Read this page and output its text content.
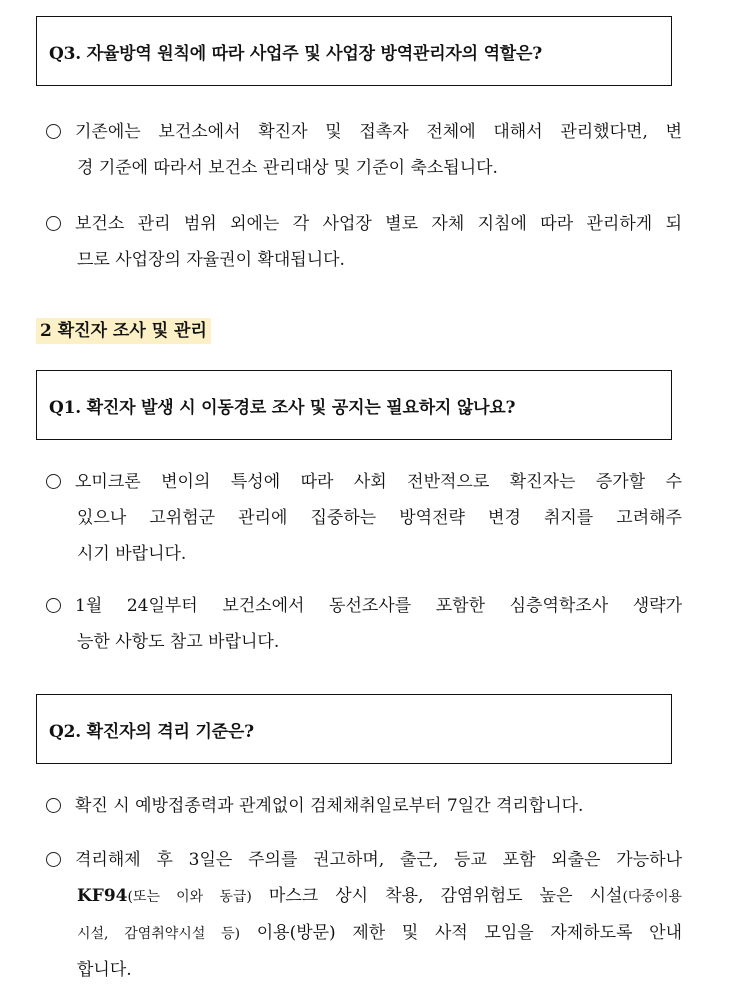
Q3. 자율방역 원칙에 따라 사업주 및 사업장 방역관리자의 역할은?
기존에는 보건소에서 확진자 및 접촉자 전체에 대해서 관리했다면, 변
경 기준에 따라서 보건소 관리대상 및 기준이 축소됩니다.
보건소 관리 범위 외에는 각 사업장 별로 자체 지침에 따라 관리하게 되
므로 사업장의 자율권이 확대됩니다.
2 확진자 조사 및 관리
Q1. 확진자 발생 시 이동경로 조사 및 공지는 필요하지 않나요?
오미크론 변이의 특성에 따라 사회 전반적으로 확진자는 증가할 수
있으나 고위험군 관리에 집중하는 방역전략 변경 취지를 고려해주
시기 바랍니다.
1월 24일부터 보건소에서 동선조사를 포함한 심층역학조사 생략가
능한 사항도 참고 바랍니다.
Q2. 확진자의 격리 기준은?
확진 시 예방접종력과 관계없이 검체채취일로부터 7일간 격리합니다.
격리해제 후 3일은 주의를 권고하며, 출근, 등교 포함 외출은 가능하나
KF94(또는 이와 동급) 마스크 상시 착용, 감염위험도 높은 시설(다중이용
시설, 감염취약시설 등) 이용(방문) 제한 및 사적 모임을 자제하도록 안내
합니다.
